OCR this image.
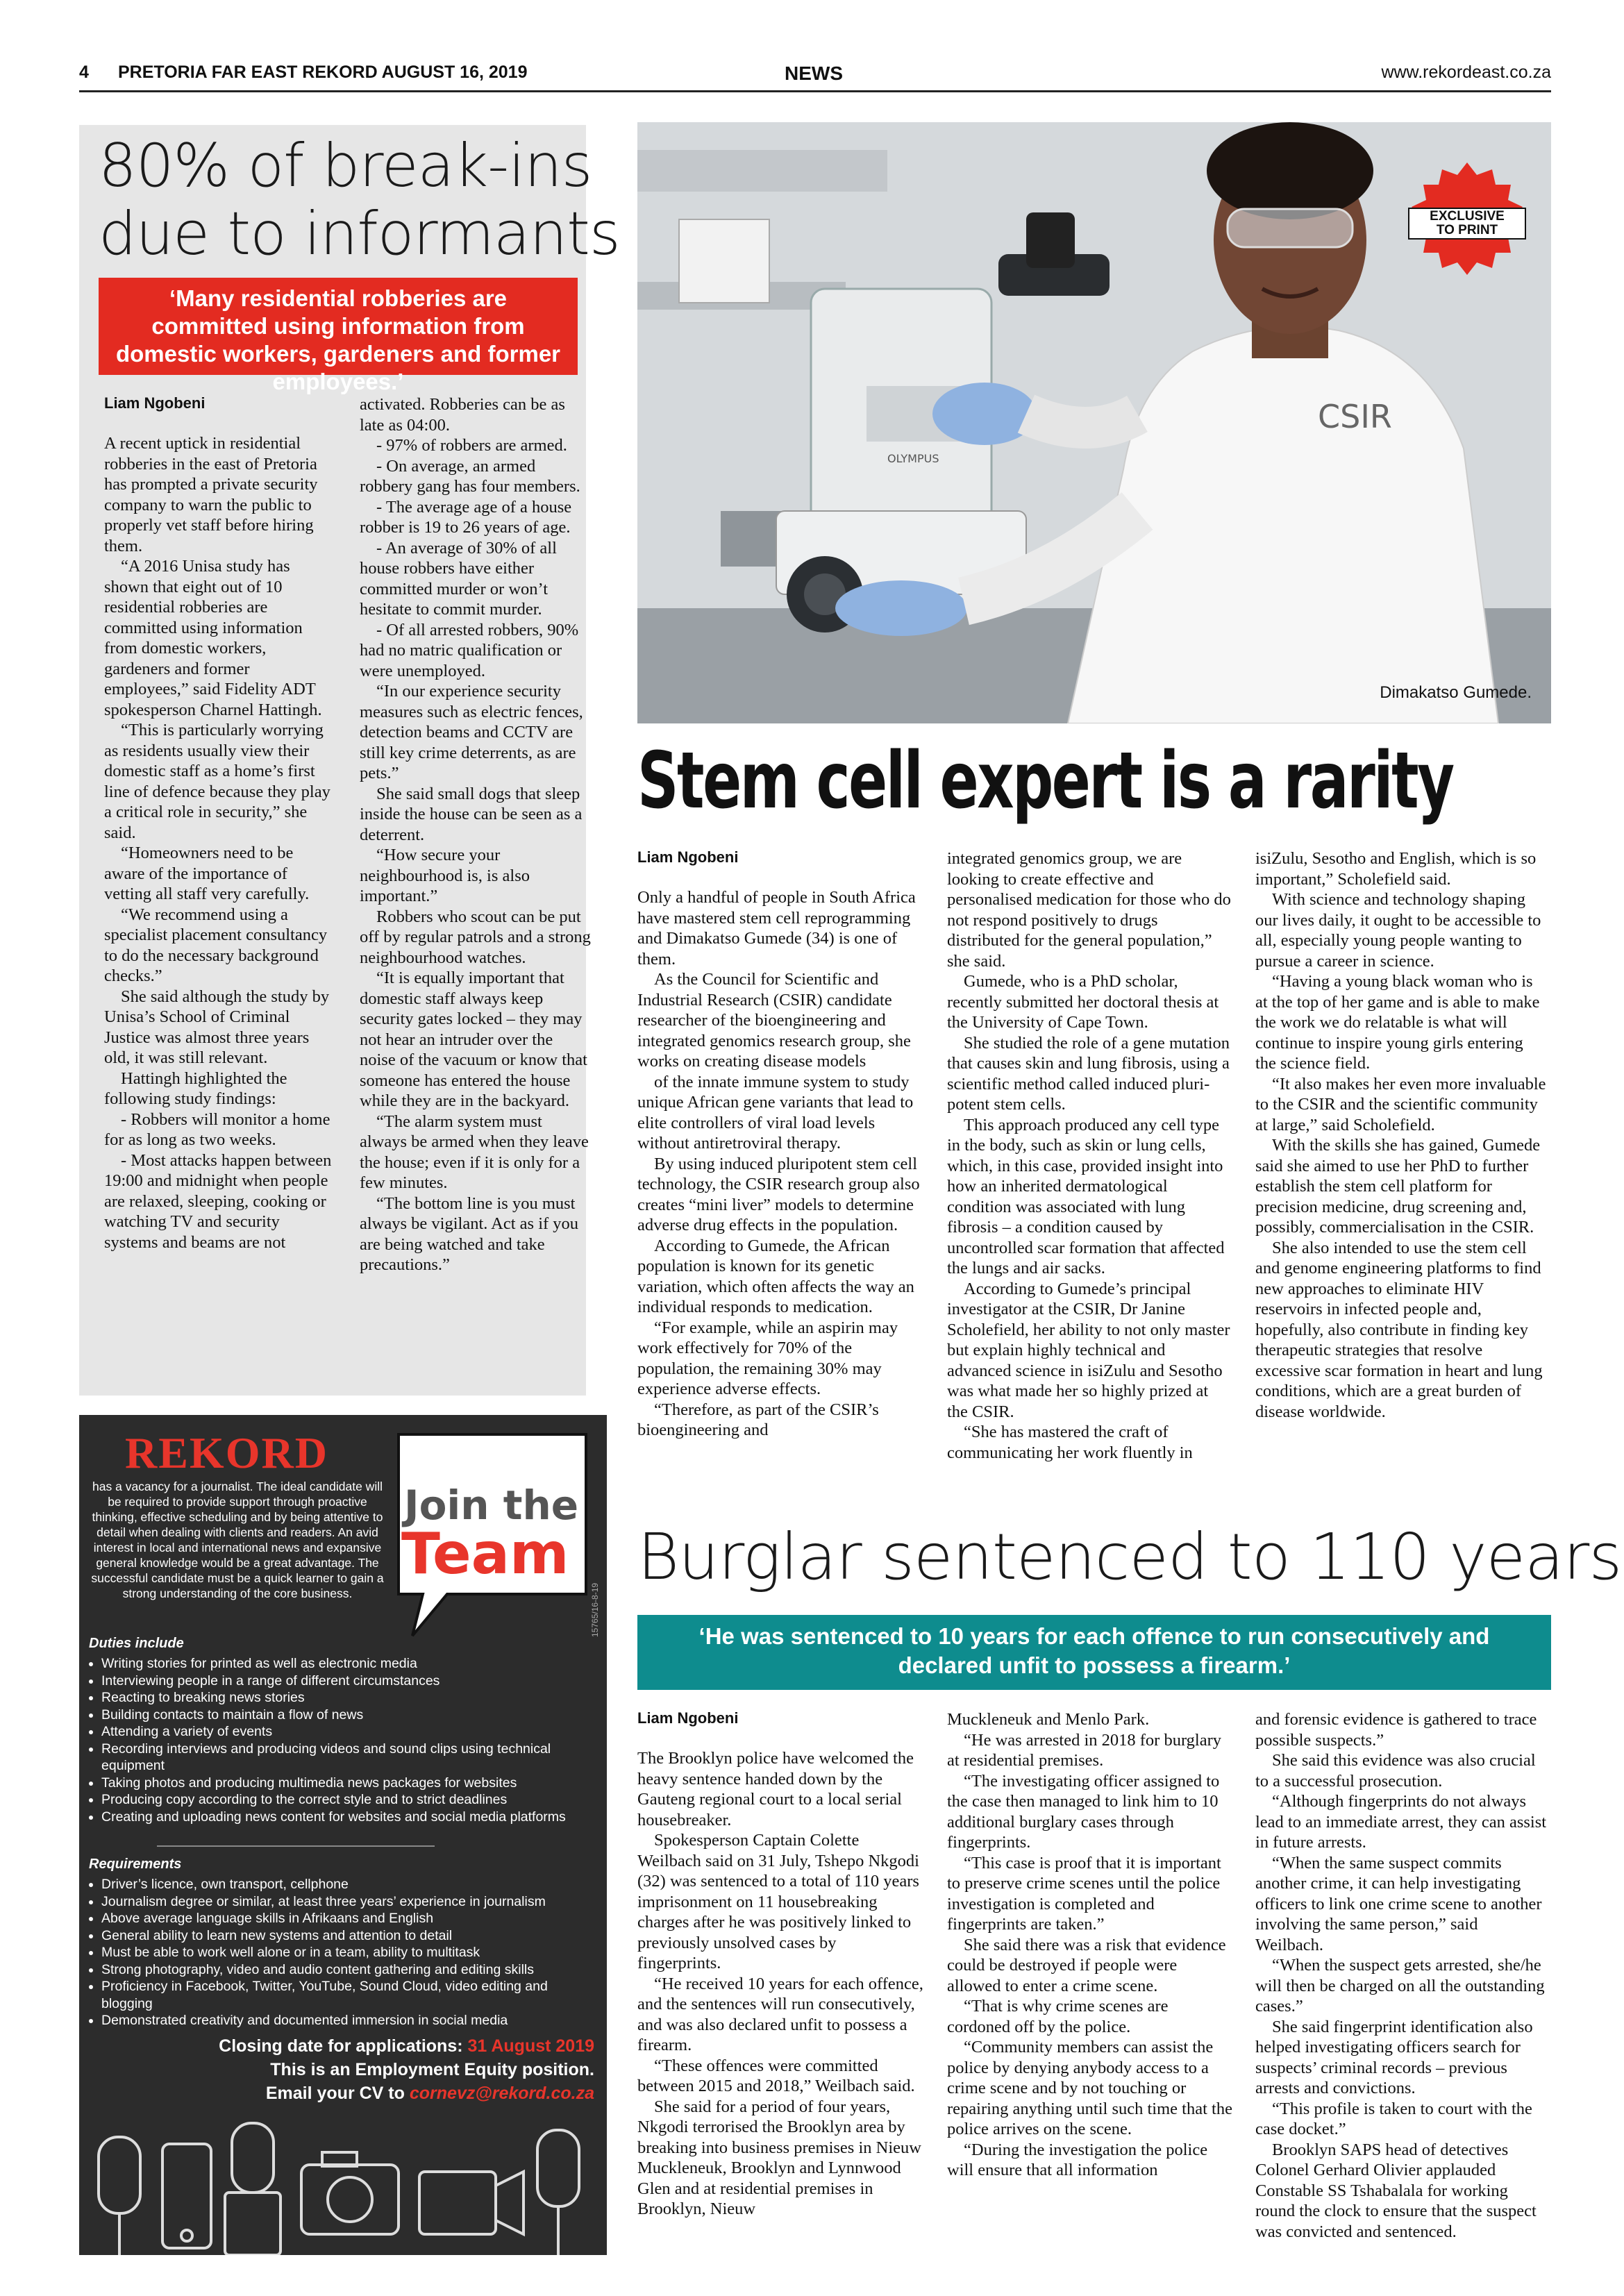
4 PRETORIA FAR EAST REKORD AUGUST 16, 2019	NEWS	www.rekordeast.co.za
80% of break-ins
due to informants
‘Many residential robberies are committed using information from domestic workers, gardeners and former employees.’
Liam Ngobeni

A recent uptick in residential robberies in the east of Pretoria has prompted a private security company to warn the public to properly vet staff before hiring them.

“A 2016 Unisa study has shown that eight out of 10 residential robberies are committed using information from domestic workers, gardeners and former employees,” said Fidelity ADT spokesperson Charnel Hattingh.

“This is particularly worrying as residents usually view their domestic staff as a home’s first line of defence because they play a critical role in security,” she said.

“Homeowners need to be aware of the importance of vetting all staff very carefully.

“We recommend using a specialist placement consultancy to do the necessary background checks.”

She said although the study by Unisa’s School of Criminal Justice was almost three years old, it was still relevant.

Hattingh highlighted the following study findings:

- Robbers will monitor a home for as long as two weeks.

- Most attacks happen between 19:00 and midnight when people are relaxed, sleeping, cooking or watching TV and security systems and beams are not

activated. Robberies can be as late as 04:00.

- 97% of robbers are armed.

- On average, an armed robbery gang has four members.

- The average age of a house robber is 19 to 26 years of age.

- An average of 30% of all house robbers have either committed murder or won’t hesitate to commit murder.

- Of all arrested robbers, 90% had no matric qualification or were unemployed.

“In our experience security measures such as electric fences, detection beams and CCTV are still key crime deterrents, as are pets.”

She said small dogs that sleep inside the house can be seen as a deterrent.

“How secure your neighbourhood is, is also important.”

Robbers who scout can be put off by regular patrols and a strong neighbourhood watches.

“It is equally important that domestic staff always keep security gates locked – they may not hear an intruder over the noise of the vacuum or know that someone has entered the house while they are in the backyard.

“The alarm system must always be armed when they leave the house; even if it is only for a few minutes.

“The bottom line is you must always be vigilant. Act as if you are being watched and take precautions.”

OLYMPUS
CSIR
EXCLUSIVE
TO PRINT
Dimakatso Gumede.
Stem cell expert is a rarity
Liam Ngobeni

Only a handful of people in South Africa have mastered stem cell reprogramming and Dimakatso Gumede (34) is one of them.

As the Council for Scientific and Industrial Research (CSIR) candidate researcher of the bioengineering and integrated genomics research group, she works on creating disease models

of the innate immune system to study unique African gene variants that lead to elite controllers of viral load levels without antiretroviral therapy.

By using induced pluripotent stem cell technology, the CSIR research group also creates “mini liver” models to determine adverse drug effects in the population.

According to Gumede, the African population is known for its genetic variation, which often affects the way an individual responds to medication.

“For example, while an aspirin may work effectively for 70% of the population, the remaining 30% may experience adverse effects.

“Therefore, as part of the CSIR’s bioengineering and

integrated genomics group, we are looking to create effective and personalised medication for those who do not respond positively to drugs distributed for the general population,” she said.

Gumede, who is a PhD scholar, recently submitted her doctoral thesis at the University of Cape Town.

She studied the role of a gene mutation that causes skin and lung fibrosis, using a scientific method called induced pluri-potent stem cells.

This approach produced any cell type in the body, such as skin or lung cells, which, in this case, provided insight into how an inherited dermatological condition was associated with lung fibrosis – a condition caused by uncontrolled scar formation that affected the lungs and air sacks.

According to Gumede’s principal investigator at the CSIR, Dr Janine Scholefield, her ability to not only master but explain highly technical and advanced science in isiZulu and Sesotho was what made her so highly prized at the CSIR.

“She has mastered the craft of communicating her work fluently in

isiZulu, Sesotho and English, which is so important,” Scholefield said.

With science and technology shaping our lives daily, it ought to be accessible to all, especially young people wanting to pursue a career in science.

“Having a young black woman who is at the top of her game and is able to make the work we do relatable is what will continue to inspire young girls entering the science field.

“It also makes her even more invaluable to the CSIR and the scientific community at large,” said Scholefield.

With the skills she has gained, Gumede said she aimed to use her PhD to further establish the stem cell platform for precision medicine, drug screening and, possibly, commercialisation in the CSIR.

She also intended to use the stem cell and genome engineering platforms to find new approaches to eliminate HIV reservoirs in infected people and, hopefully, also contribute in finding key therapeutic strategies that resolve excessive scar formation in heart and lung conditions, which are a great burden of disease worldwide.

Burglar sentenced to 110 years
‘He was sentenced to 10 years for each offence to run consecutively and declared unfit to possess a firearm.’
Liam Ngobeni

The Brooklyn police have welcomed the heavy sentence handed down by the Gauteng regional court to a local serial housebreaker.

Spokesperson Captain Colette Weilbach said on 31 July, Tshepo Nkgodi (32) was sentenced to a total of 110 years imprisonment on 11 housebreaking charges after he was positively linked to previously unsolved cases by fingerprints.

“He received 10 years for each offence, and the sentences will run consecutively, and was also declared unfit to possess a firearm.

“These offences were committed between 2015 and 2018,” Weilbach said.

She said for a period of four years, Nkgodi terrorised the Brooklyn area by breaking into business premises in Nieuw Muckleneuk, Brooklyn and Lynnwood Glen and at residential premises in Brooklyn, Nieuw

Muckleneuk and Menlo Park.

“He was arrested in 2018 for burglary at residential premises.

“The investigating officer assigned to the case then managed to link him to 10 additional burglary cases through fingerprints.

“This case is proof that it is important to preserve crime scenes until the police investigation is completed and fingerprints are taken.”

She said there was a risk that evidence could be destroyed if people were allowed to enter a crime scene.

“That is why crime scenes are cordoned off by the police.

“Community members can assist the police by denying anybody access to a crime scene and by not touching or repairing anything until such time that the police arrives on the scene.

“During the investigation the police will ensure that all information

and forensic evidence is gathered to trace possible suspects.”

She said this evidence was also crucial to a successful prosecution.

“Although fingerprints do not always lead to an immediate arrest, they can assist in future arrests.

“When the same suspect commits another crime, it can help investigating officers to link one crime scene to another involving the same person,” said Weilbach.

“When the suspect gets arrested, she/he will then be charged on all the outstanding cases.”

She said fingerprint identification also helped investigating officers search for suspects’ criminal records – previous arrests and convictions.

“This profile is taken to court with the case docket.”

Brooklyn SAPS head of detectives Colonel Gerhard Olivier applauded Constable SS Tshabalala for working round the clock to ensure that the suspect was convicted and sentenced.

REKORD
has a vacancy for a journalist. The ideal candidate will be required to provide support through proactive thinking, effective scheduling and by being attentive to detail when dealing with clients and readers. An avid interest in local and international news and expansive general knowledge would be a great advantage. The successful candidate must be a quick learner to gain a strong understanding of the core business.
Join the
Team
15765/16-8-19
Duties include
• Writing stories for printed as well as electronic media
• Interviewing people in a range of different circumstances
• Reacting to breaking news stories
• Building contacts to maintain a flow of news
• Attending a variety of events
• Recording interviews and producing videos and sound clips using technical equipment
• Taking photos and producing multimedia news packages for websites
• Producing copy according to the correct style and to strict deadlines
• Creating and uploading news content for websites and social media platforms
Requirements
• Driver’s licence, own transport, cellphone
• Journalism degree or similar, at least three years’ experience in journalism
• Above average language skills in Afrikaans and English
• General ability to learn new systems and attention to detail
• Must be able to work well alone or in a team, ability to multitask
• Strong photography, video and audio content gathering and editing skills
• Proficiency in Facebook, Twitter, YouTube, Sound Cloud, video editing and blogging
• Demonstrated creativity and documented immersion in social media
Closing date for applications: 31 August 2019
This is an Employment Equity position.
Email your CV to cornevz@rekord.co.za
